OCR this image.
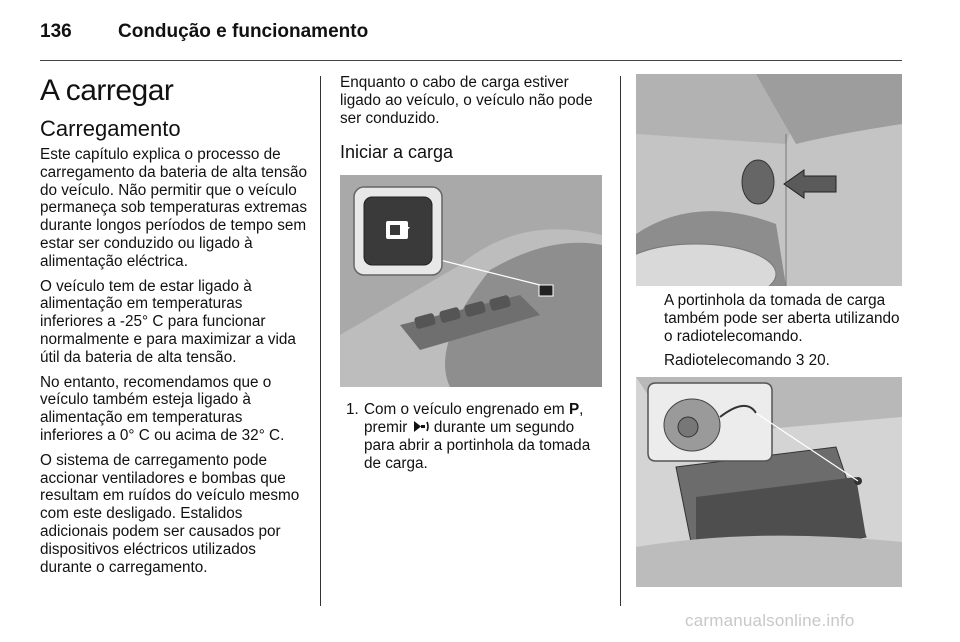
136 Condução e funcionamento
A carregar
Carregamento

Este capítulo explica o processo de carregamento da bateria de alta tensão do veículo. Não permitir que o veículo permaneça sob temperaturas extremas durante longos períodos de tempo sem estar ser conduzido ou ligado à alimentação eléctrica.

O veículo tem de estar ligado à alimentação em temperaturas inferiores a -25° C para funcionar normalmente e para maximizar a vida útil da bateria de alta tensão.

No entanto, recomendamos que o veículo também esteja ligado à alimentação em temperaturas inferiores a 0° C ou acima de 32° C.

O sistema de carregamento pode accionar ventiladores e bombas que resultam em ruídos do veículo mesmo com este desligado. Estalidos adicionais podem ser causados por dispositivos eléctricos utilizados durante o carregamento.

Enquanto o cabo de carga estiver ligado ao veículo, o veículo não pode ser conduzido.

Iniciar a carga
1. Com o veículo engrenado em P, premir durante um segundo para abrir a portinhola da tomada de carga.

A portinhola da tomada de carga também pode ser aberta utilizando o radiotelecomando.

Radiotelecomando 3 20.

carmanualsonline.info
